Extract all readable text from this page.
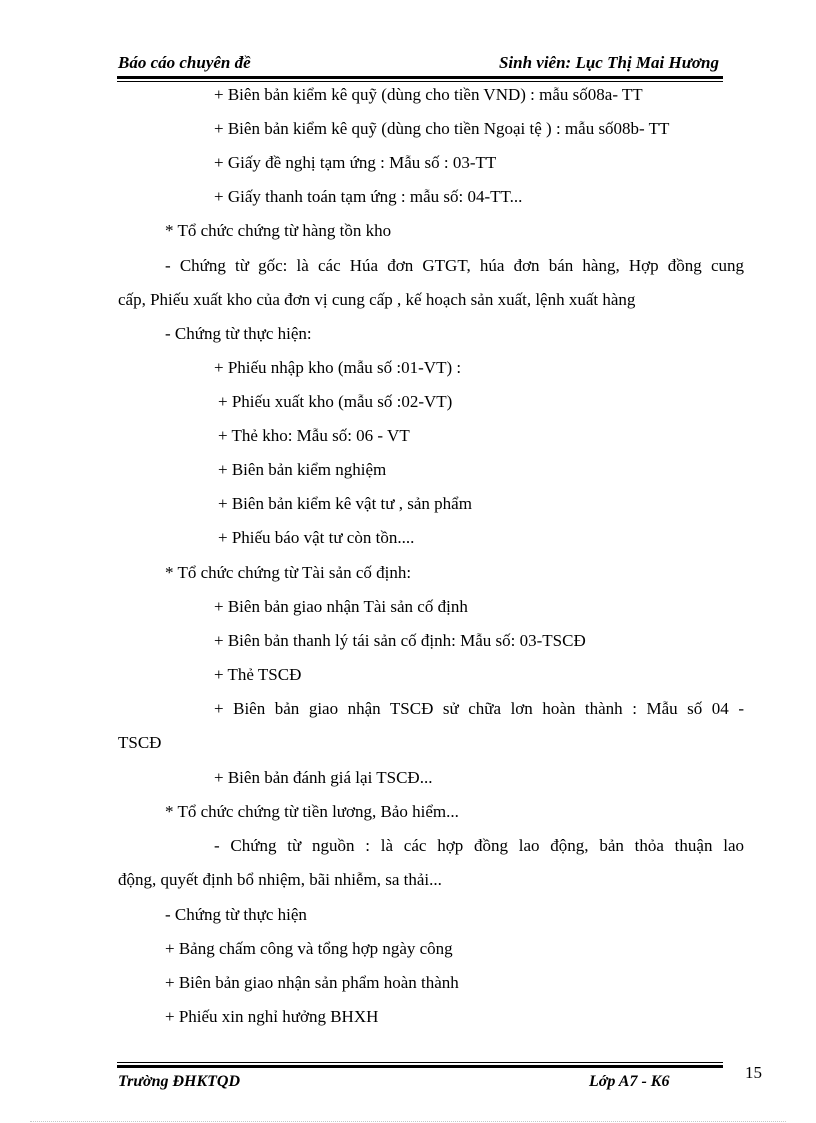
Báo cáo chuyên đề	Sinh viên: Lục Thị Mai Hương
+ Biên bản kiểm kê quỹ (dùng cho tiền VND) : mẫu số08a- TT
+ Biên bản kiểm kê quỹ (dùng cho tiền Ngoại tệ ) : mẫu số08b- TT
+ Giấy đề nghị tạm ứng : Mẫu số : 03-TT
+ Giấy thanh toán tạm ứng : mẫu số: 04-TT...
* Tổ chức chứng từ hàng tồn kho
- Chứng từ gốc: là các Húa đơn GTGT, húa đơn bán hàng, Hợp đồng cung
cấp, Phiếu xuất kho của đơn vị cung cấp , kế hoạch sản xuất, lệnh xuất hàng
- Chứng từ thực hiện:
+ Phiếu nhập kho (mẫu số :01-VT) :
+ Phiếu xuất kho (mẫu số :02-VT)
+ Thẻ kho: Mẫu số: 06 - VT
+ Biên bản kiểm nghiệm
+ Biên bản kiểm kê vật tư , sản phẩm
+ Phiếu báo vật tư còn tồn....
* Tổ chức chứng từ Tài sản cố định:
+ Biên bản giao nhận Tài sản cố định
+ Biên bản thanh lý tái sản cố định: Mẫu số: 03-TSCĐ
+ Thẻ TSCĐ
+ Biên bản giao nhận TSCĐ sử chữa lơn hoàn thành : Mẫu số 04 -
TSCĐ
+ Biên bản đánh giá lại TSCĐ...
* Tổ chức chứng từ tiền lương, Bảo hiểm...
- Chứng từ nguồn : là các hợp đồng lao động, bản thỏa thuận lao
động, quyết định bổ nhiệm, bãi nhiễm, sa thải...
- Chứng từ thực hiện
+ Bảng chấm công và tổng hợp ngày công
+ Biên bản giao nhận sản phẩm hoàn thành
+ Phiếu xin nghỉ hưởng BHXH
Trường ĐHKTQD	Lớp A7 - K6	15
